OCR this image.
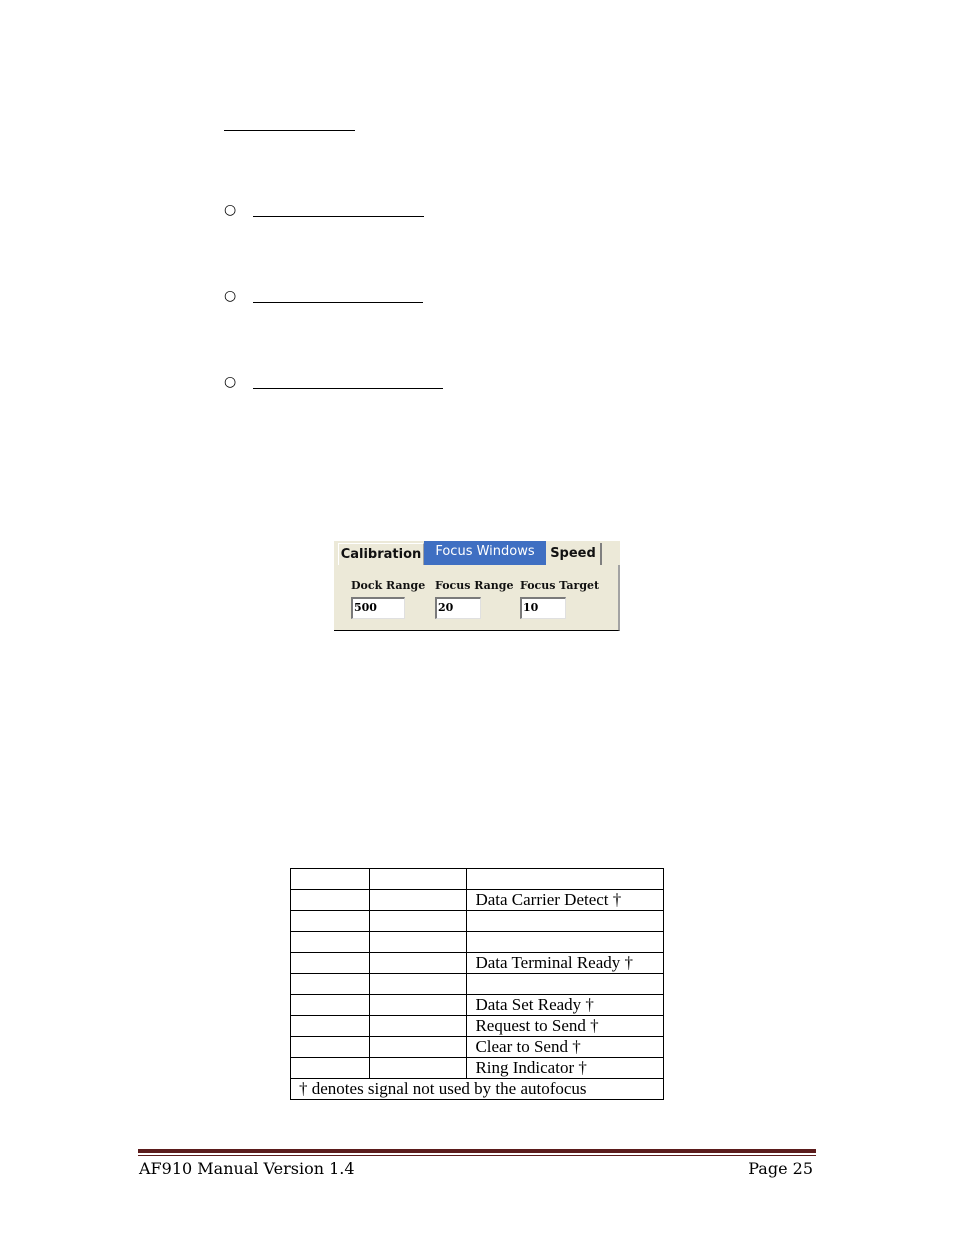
○
○
○
Calibration	Focus Windows	Speed
Dock Range
500
Focus Range
20
Focus Target
10

		Data Carrier Detect †

		Data Terminal Ready †

		Data Set Ready †
		Request to Send †
		Clear to Send †
		Ring Indicator †
† denotes signal not used by the autofocus		
AF910 Manual Version 1.4	Page 25
